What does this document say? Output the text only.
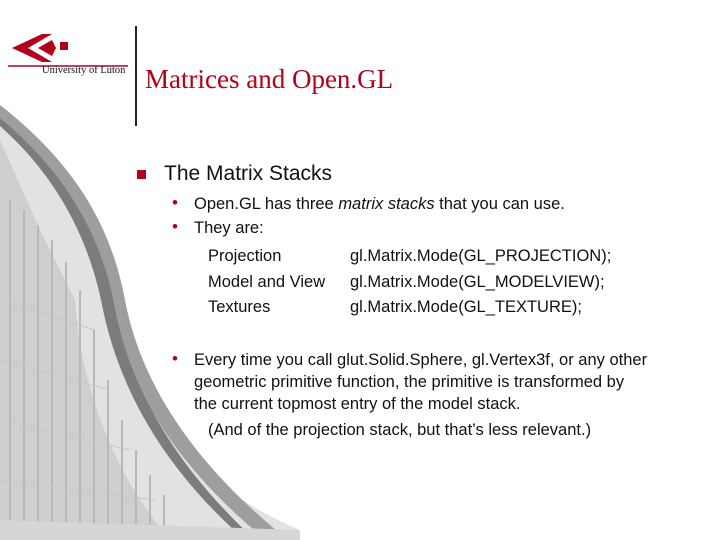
University of Luton Matrices and Open.GL
The Matrix Stacks
• Open.GL has three matrix stacks that you can use.
• They are:
Projection	gl.Matrix.Mode(GL_PROJECTION);
Model and View gl.Matrix.Mode(GL_MODELVIEW);
Textures	gl.Matrix.Mode(GL_TEXTURE);
• Every time you call glut.Solid.Sphere, gl.Vertex3f, or any other
geometric primitive function, the primitive is transformed by
the current topmost entry of the model stack.
(And of the projection stack, but that’s less relevant.)
